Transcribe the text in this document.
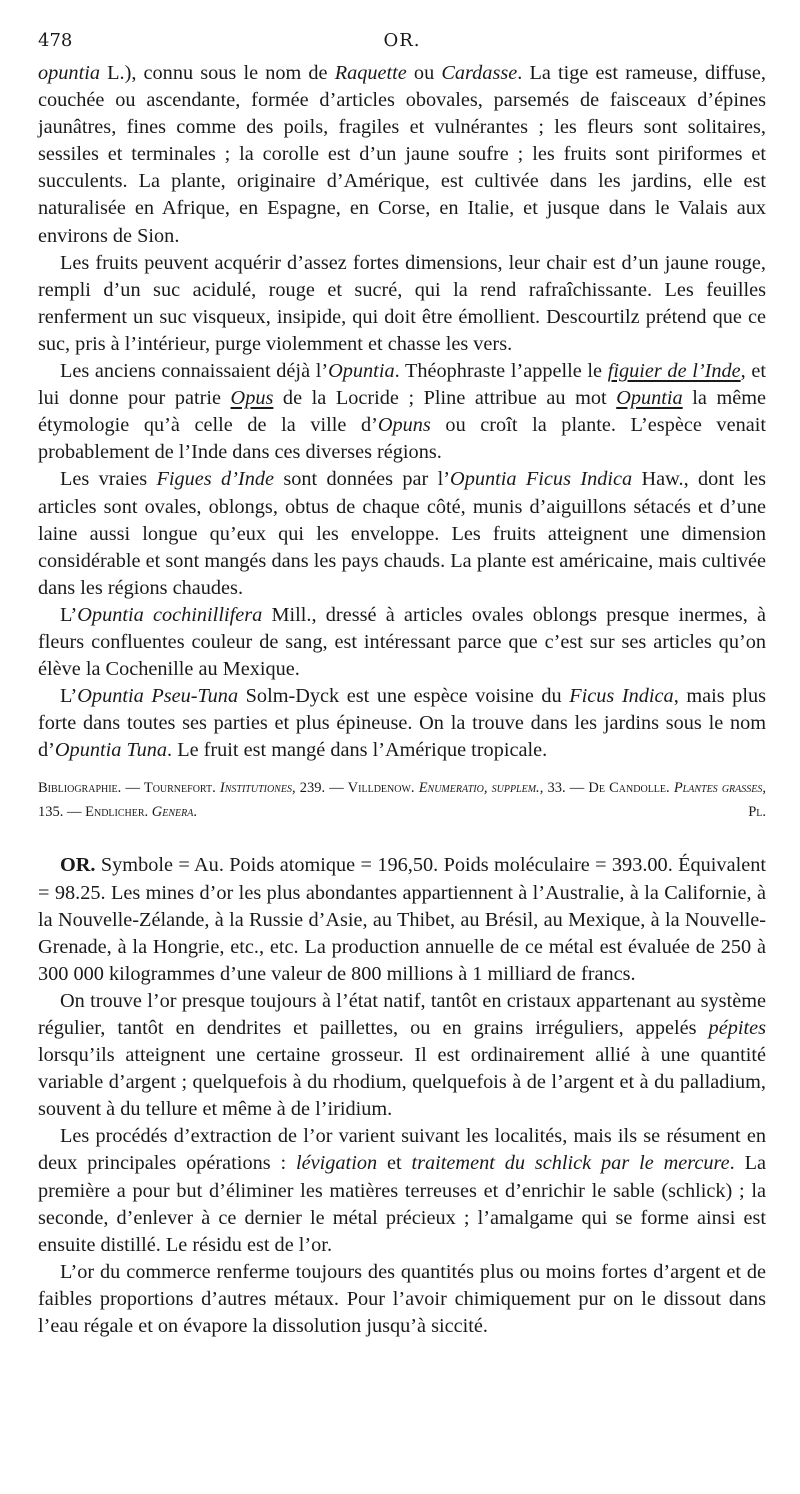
478	OR.

opuntia L.), connu sous le nom de Raquette ou Cardasse. La tige est rameuse, diffuse, couchée ou ascendante, formée d’articles obovales, parsemés de faisceaux d’épines jaunâtres, fines comme des poils, fragiles et vulnérantes ; les fleurs sont solitaires, sessiles et terminales ; la corolle est d’un jaune soufre ; les fruits sont piriformes et succulents. La plante, originaire d’Amérique, est cultivée dans les jardins, elle est naturalisée en Afrique, en Espagne, en Corse, en Italie, et jusque dans le Valais aux environs de Sion.

Les fruits peuvent acquérir d’assez fortes dimensions, leur chair est d’un jaune rouge, rempli d’un suc acidulé, rouge et sucré, qui la rend rafraîchissante. Les feuilles renferment un suc visqueux, insipide, qui doit être émollient. Descourtilz prétend que ce suc, pris à l’intérieur, purge violemment et chasse les vers.

Les anciens connaissaient déjà l’Opuntia. Théophraste l’appelle le figuier de l’Inde, et lui donne pour patrie Opus de la Locride ; Pline attribue au mot Opuntia la même étymologie qu’à celle de la ville d’Opuns ou croît la plante. L’espèce venait probablement de l’Inde dans ces diverses régions.

Les vraies Figues d’Inde sont données par l’Opuntia Ficus Indica Haw., dont les articles sont ovales, oblongs, obtus de chaque côté, munis d’aiguillons sétacés et d’une laine aussi longue qu’eux qui les enveloppe. Les fruits atteignent une dimension considérable et sont mangés dans les pays chauds. La plante est américaine, mais cultivée dans les régions chaudes.

L’Opuntia cochinillifera Mill., dressé à articles ovales oblongs presque inermes, à fleurs confluentes couleur de sang, est intéressant parce que c’est sur ses articles qu’on élève la Cochenille au Mexique.

L’Opuntia Pseu-Tuna Solm-Dyck est une espèce voisine du Ficus Indica, mais plus forte dans toutes ses parties et plus épineuse. On la trouve dans les jardins sous le nom d’Opuntia Tuna. Le fruit est mangé dans l’Amérique tropicale.

Bibliographie. — Tournefort. Institutiones, 239. — Villdenow. Enumeratio, supplem., 33. — De Candolle. Plantes grasses, 135. — Endlicher. Genera.	Pl.

OR. Symbole = Au. Poids atomique = 196,50. Poids moléculaire = 393.00. Équivalent = 98.25. Les mines d’or les plus abondantes appartiennent à l’Australie, à la Californie, à la Nouvelle-Zélande, à la Russie d’Asie, au Thibet, au Brésil, au Mexique, à la Nouvelle-Grenade, à la Hongrie, etc., etc. La production annuelle de ce métal est évaluée de 250 à 300 000 kilogrammes d’une valeur de 800 millions à 1 milliard de francs.

On trouve l’or presque toujours à l’état natif, tantôt en cristaux appartenant au système régulier, tantôt en dendrites et paillettes, ou en grains irréguliers, appelés pépites lorsqu’ils atteignent une certaine grosseur. Il est ordinairement allié à une quantité variable d’argent ; quelquefois à du rhodium, quelquefois à de l’argent et à du palladium, souvent à du tellure et même à de l’iridium.

Les procédés d’extraction de l’or varient suivant les localités, mais ils se résument en deux principales opérations : lévigation et traitement du schlick par le mercure. La première a pour but d’éliminer les matières terreuses et d’enrichir le sable (schlick) ; la seconde, d’enlever à ce dernier le métal précieux ; l’amalgame qui se forme ainsi est ensuite distillé. Le résidu est de l’or.

L’or du commerce renferme toujours des quantités plus ou moins fortes d’argent et de faibles proportions d’autres métaux. Pour l’avoir chimiquement pur on le dissout dans l’eau régale et on évapore la dissolution jusqu’à siccité.
